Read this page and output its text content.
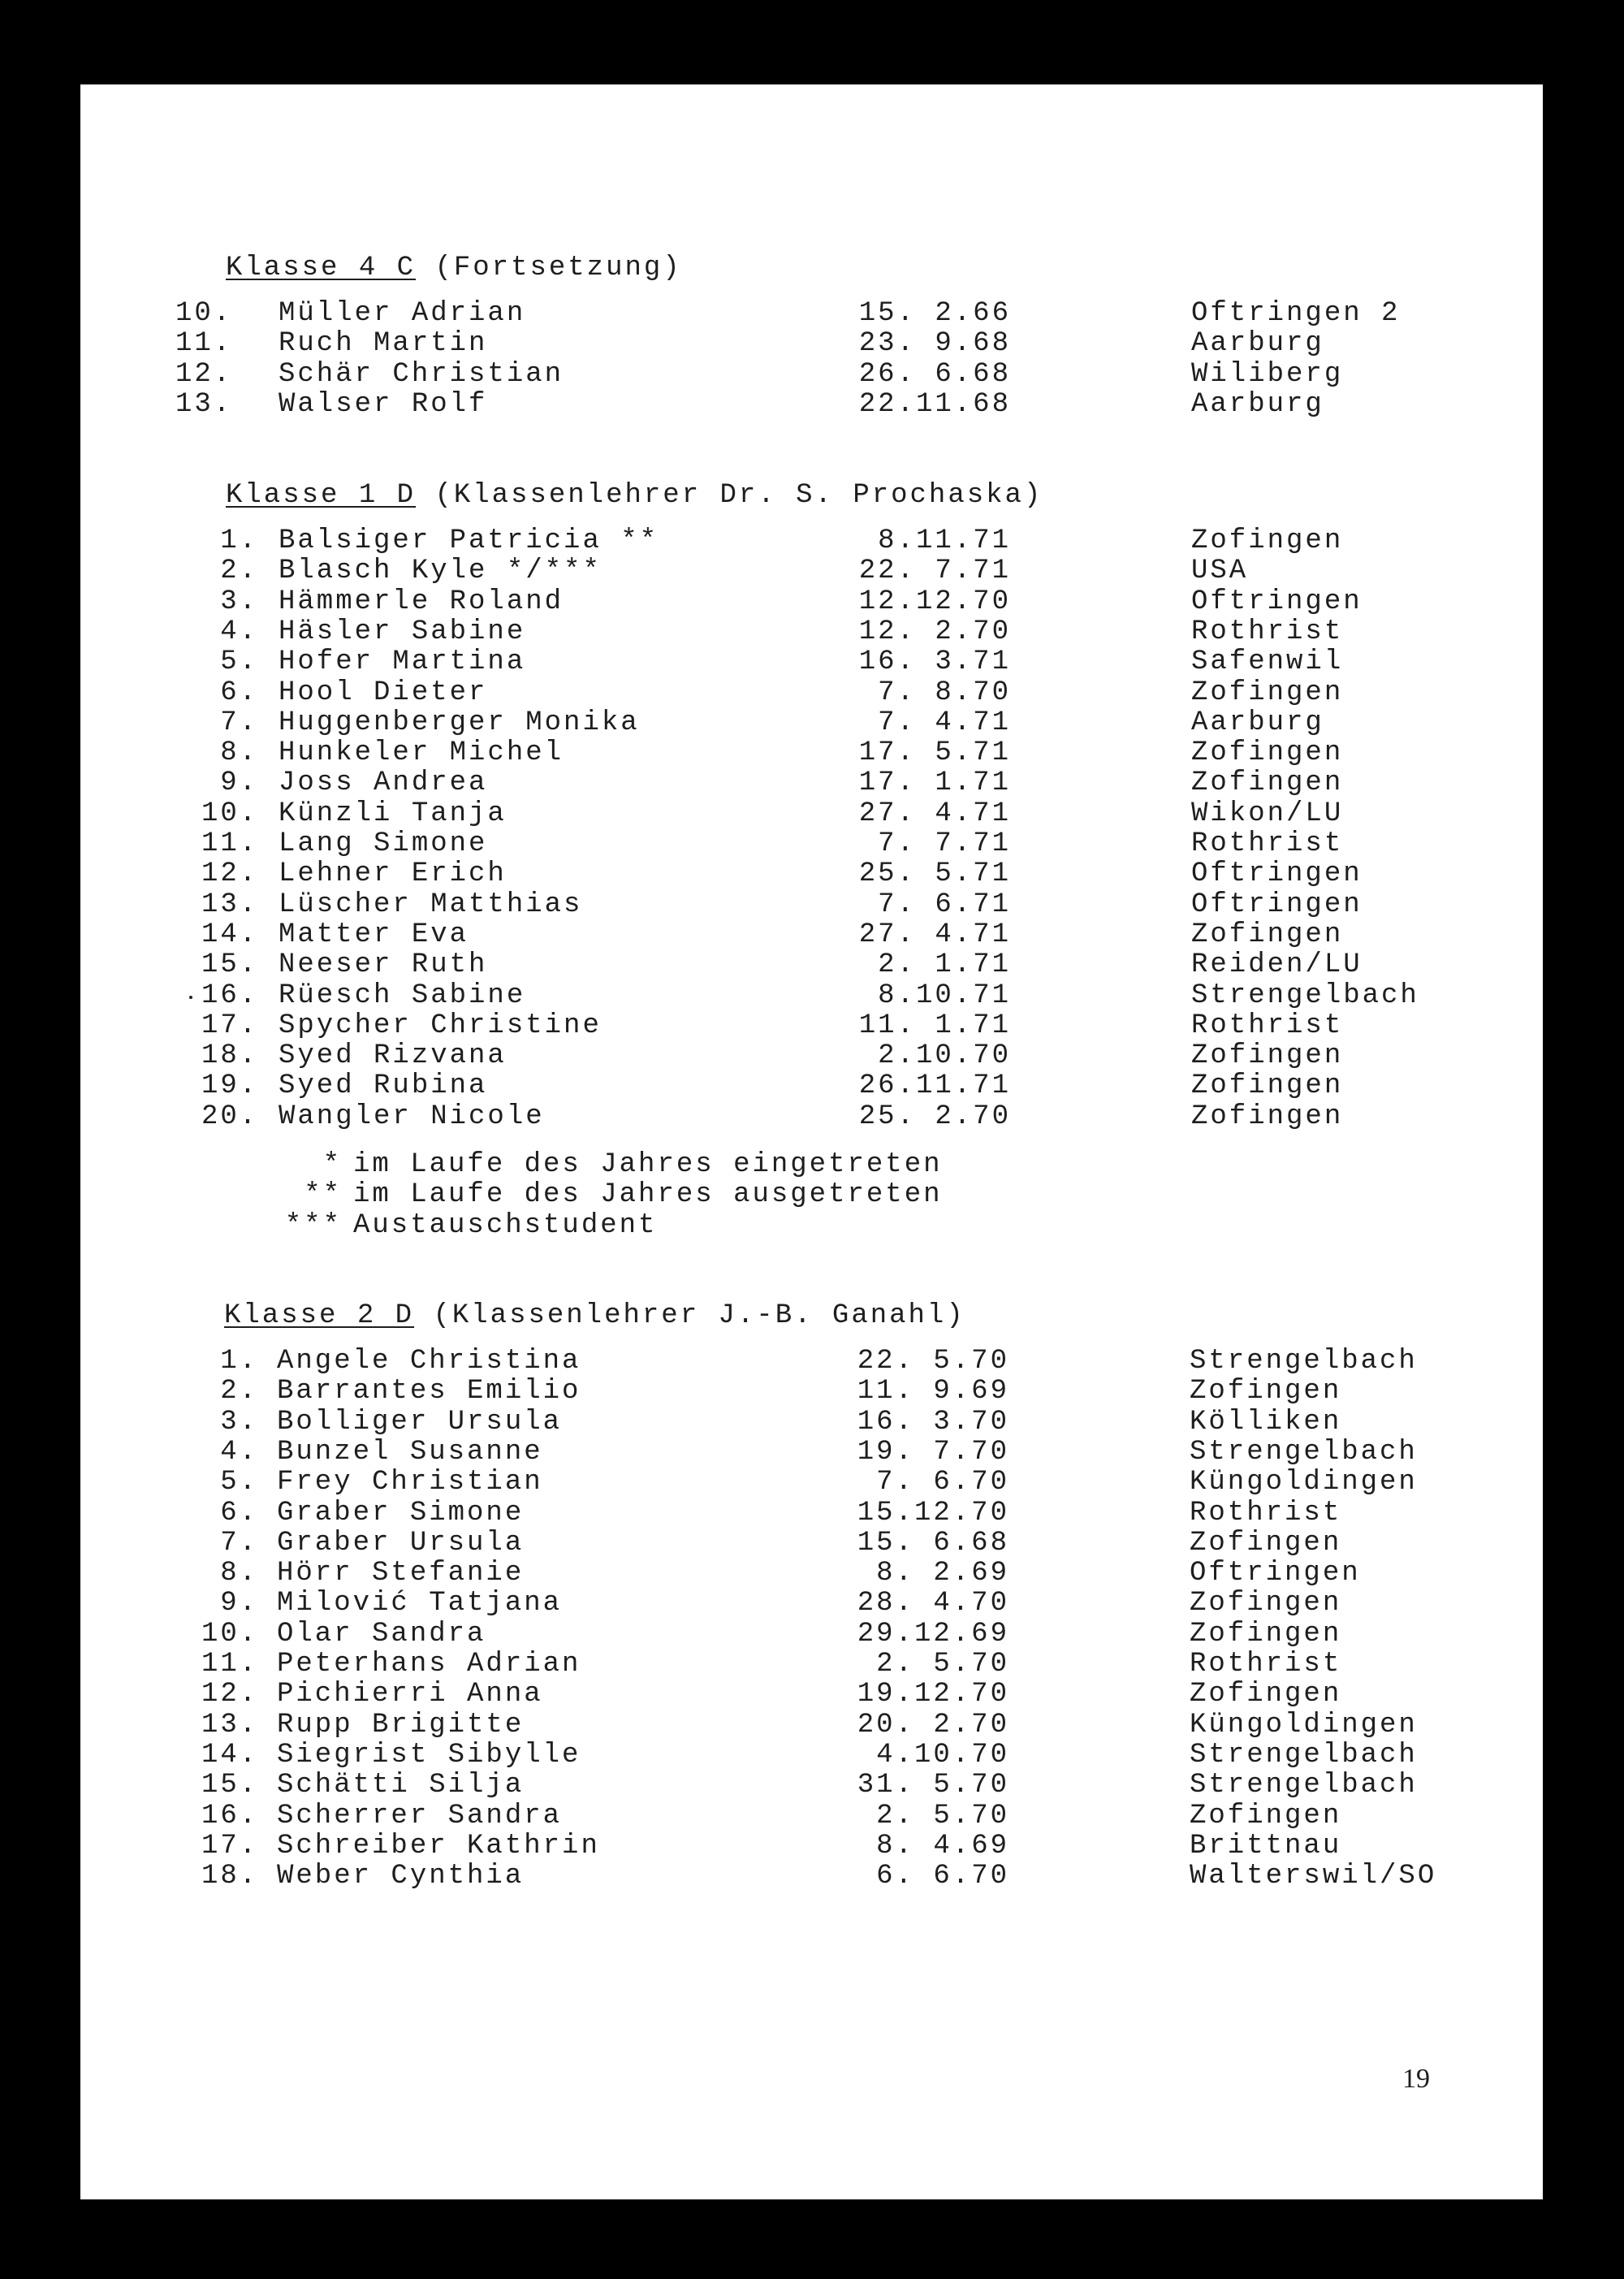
Klasse 4 C (Fortsetzung)
10. Müller Adrian	15. 2.66	Oftringen 2
11. Ruch Martin	23. 9.68	Aarburg
12. Schär Christian	26. 6.68	Wiliberg
13. Walser Rolf	22.11.68	Aarburg
Klasse 1 D (Klassenlehrer Dr. S. Prochaska)
1. Balsiger Patricia **	8.11.71	Zofingen
2. Blasch Kyle */***	22. 7.71	USA
3. Hämmerle Roland	12.12.70	Oftringen
4. Häsler Sabine	12. 2.70	Rothrist
5. Hofer Martina	16. 3.71	Safenwil
6. Hool Dieter	7. 8.70	Zofingen
7. Huggenberger Monika	7. 4.71	Aarburg
8. Hunkeler Michel	17. 5.71	Zofingen
9. Joss Andrea	17. 1.71	Zofingen
10. Künzli Tanja	27. 4.71	Wikon/LU
11. Lang Simone	7. 7.71	Rothrist
12. Lehner Erich	25. 5.71	Oftringen
13. Lüscher Matthias	7. 6.71	Oftringen
14. Matter Eva	27. 4.71	Zofingen
15. Neeser Ruth	2. 1.71	Reiden/LU
16. Rüesch Sabine	8.10.71	Strengelbach
17. Spycher Christine	11. 1.71	Rothrist
18. Syed Rizvana	2.10.70	Zofingen
19. Syed Rubina	26.11.71	Zofingen
20. Wangler Nicole	25. 2.70	Zofingen
* im Laufe des Jahres eingetreten
** im Laufe des Jahres ausgetreten
*** Austauschstudent
Klasse 2 D (Klassenlehrer J.-B. Ganahl)
1. Angele Christina	22. 5.70	Strengelbach
2. Barrantes Emilio	11. 9.69	Zofingen
3. Bolliger Ursula	16. 3.70	Kölliken
4. Bunzel Susanne	19. 7.70	Strengelbach
5. Frey Christian	7. 6.70	Küngoldingen
6. Graber Simone	15.12.70	Rothrist
7. Graber Ursula	15. 6.68	Zofingen
8. Hörr Stefanie	8. 2.69	Oftringen
9. Milović Tatjana	28. 4.70	Zofingen
10. Olar Sandra	29.12.69	Zofingen
11. Peterhans Adrian	2. 5.70	Rothrist
12. Pichierri Anna	19.12.70	Zofingen
13. Rupp Brigitte	20. 2.70	Küngoldingen
14. Siegrist Sibylle	4.10.70	Strengelbach
15. Schätti Silja	31. 5.70	Strengelbach
16. Scherrer Sandra	2. 5.70	Zofingen
17. Schreiber Kathrin	8. 4.69	Brittnau
18. Weber Cynthia	6. 6.70	Walterswil/SO
19
